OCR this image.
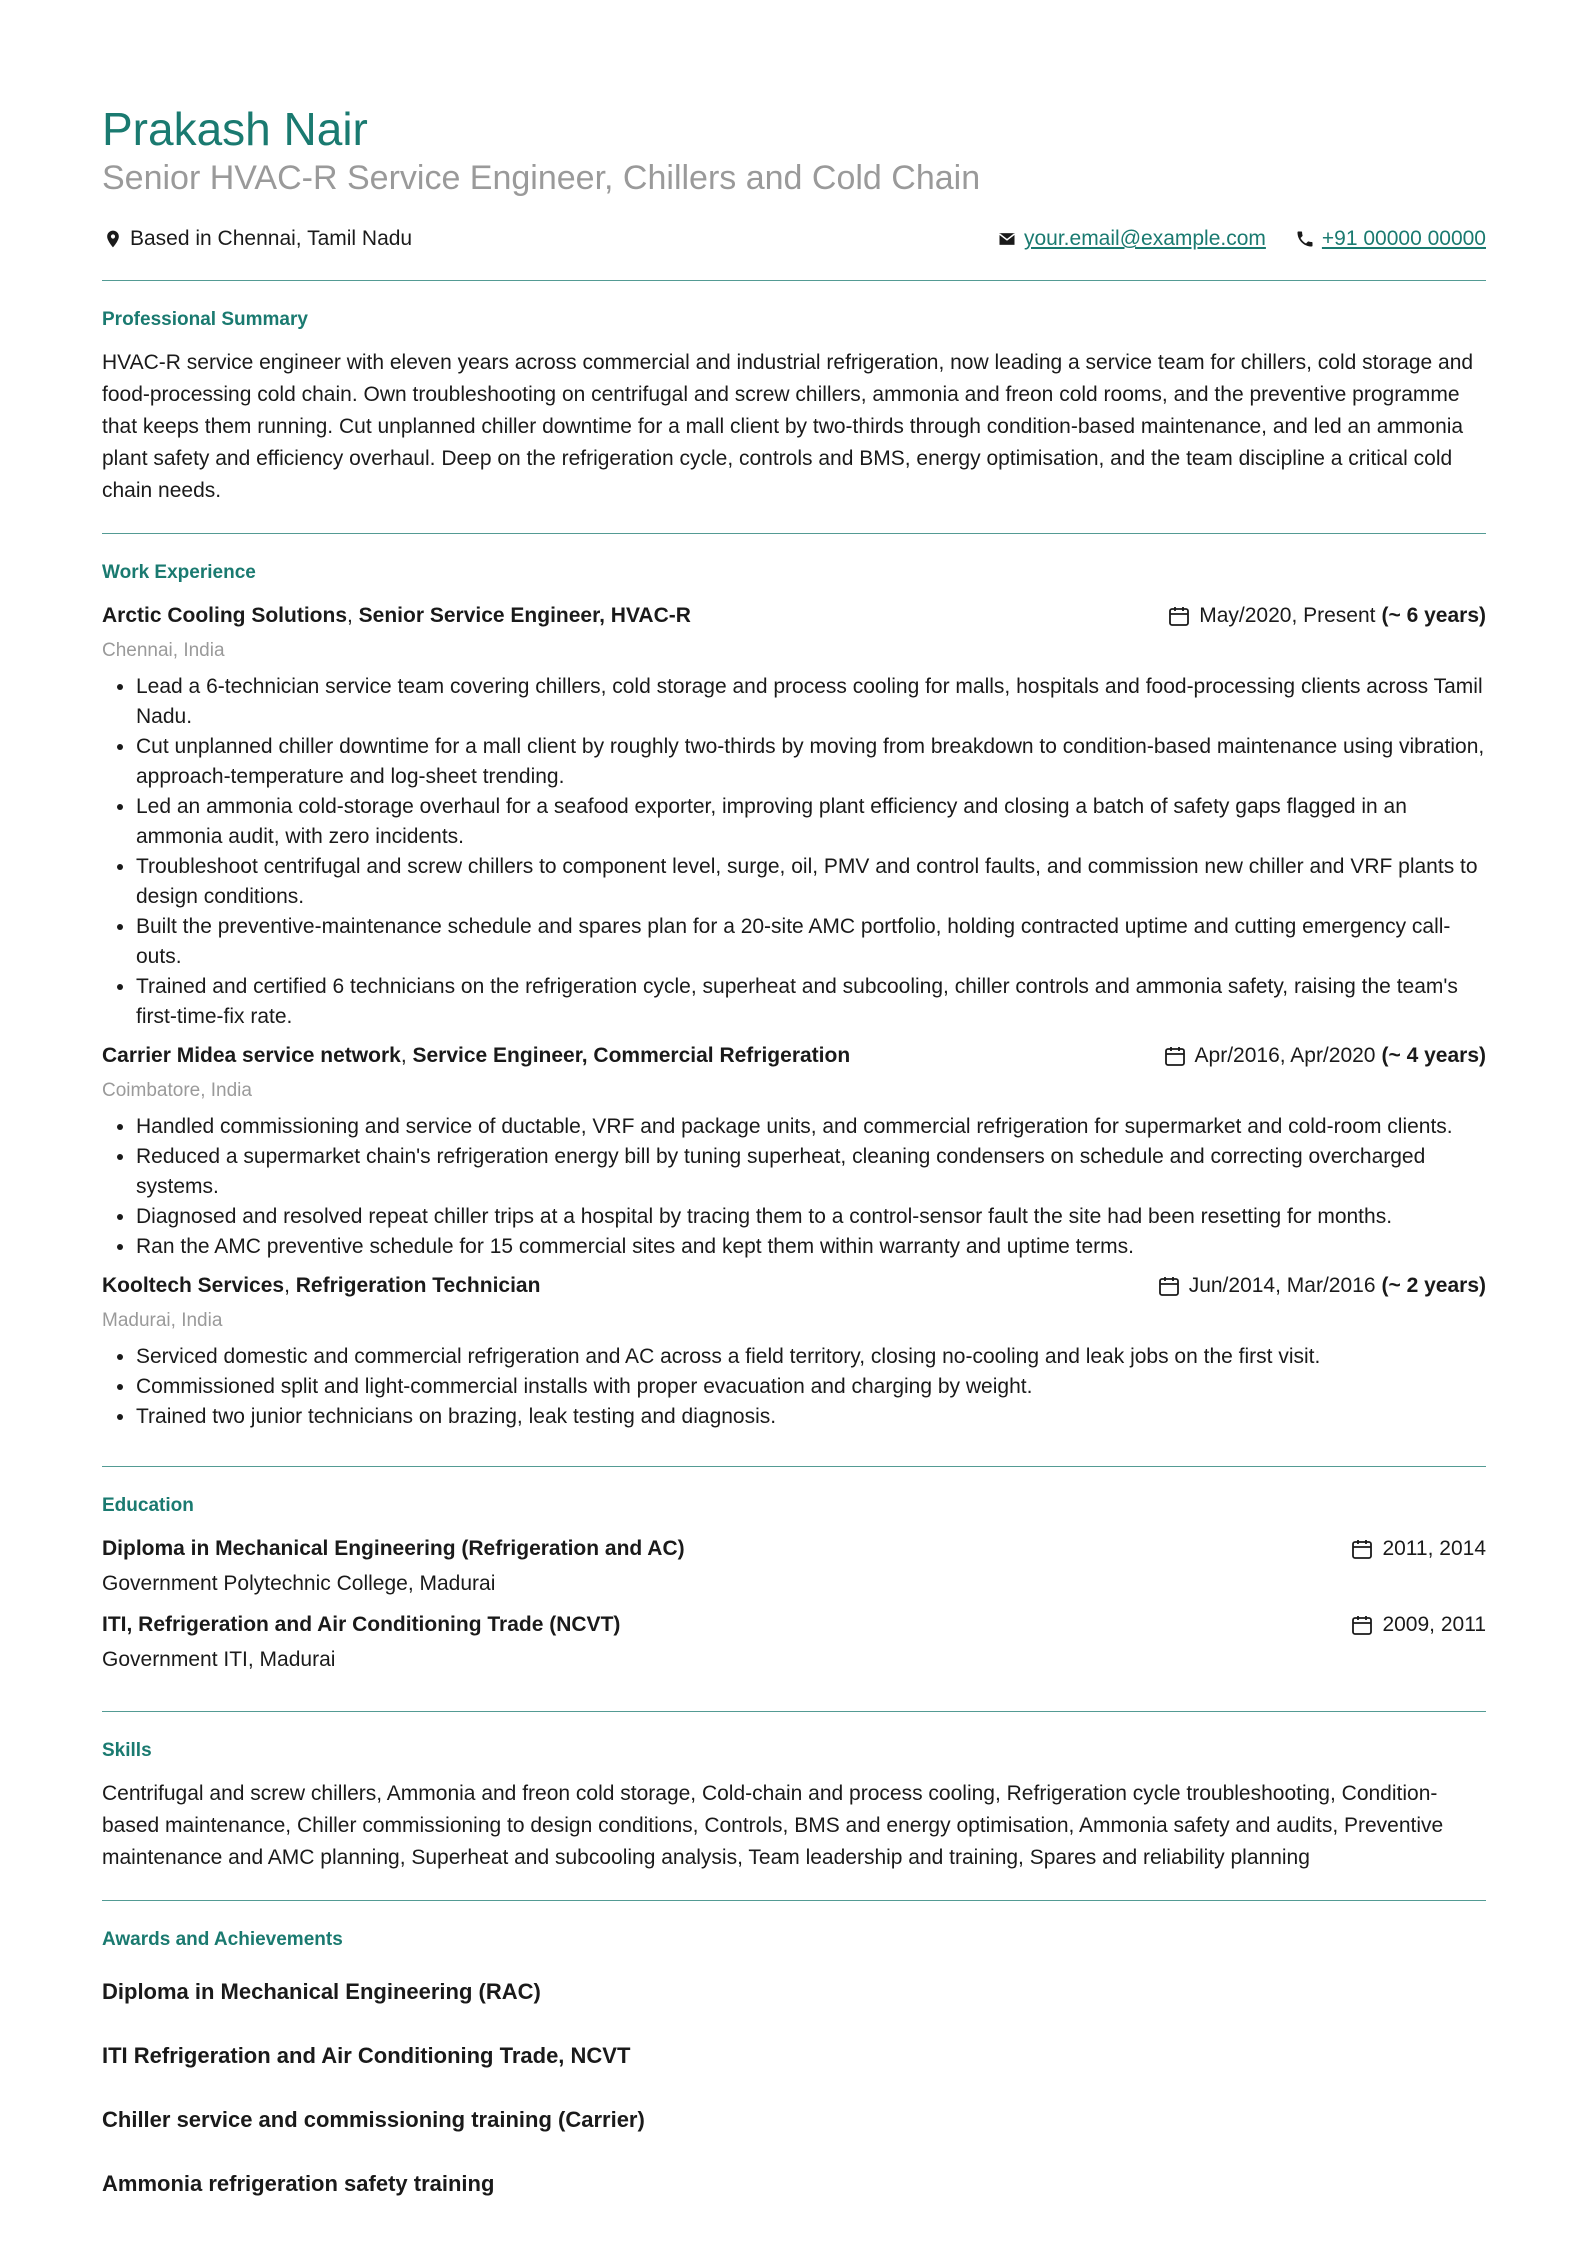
Prakash Nair
Senior HVAC-R Service Engineer, Chillers and Cold Chain
Based in Chennai, Tamil Nadu	your.email@example.com	+91 00000 00000
Professional Summary

HVAC-R service engineer with eleven years across commercial and industrial refrigeration, now leading a service team for chillers, cold storage and food-processing cold chain. Own troubleshooting on centrifugal and screw chillers, ammonia and freon cold rooms, and the preventive programme that keeps them running. Cut unplanned chiller downtime for a mall client by two-thirds through condition-based maintenance, and led an ammonia plant safety and efficiency overhaul. Deep on the refrigeration cycle, controls and BMS, energy optimisation, and the team discipline a critical cold chain needs.

Work Experience
Arctic Cooling Solutions, Senior Service Engineer, HVAC-R	May/2020, Present (~ 6 years)
Chennai, India
• Lead a 6-technician service team covering chillers, cold storage and process cooling for malls, hospitals and food-processing clients across Tamil Nadu.
• Cut unplanned chiller downtime for a mall client by roughly two-thirds by moving from breakdown to condition-based maintenance using vibration, approach-temperature and log-sheet trending.
• Led an ammonia cold-storage overhaul for a seafood exporter, improving plant efficiency and closing a batch of safety gaps flagged in an ammonia audit, with zero incidents.
• Troubleshoot centrifugal and screw chillers to component level, surge, oil, PMV and control faults, and commission new chiller and VRF plants to design conditions.
• Built the preventive-maintenance schedule and spares plan for a 20-site AMC portfolio, holding contracted uptime and cutting emergency call-outs.
• Trained and certified 6 technicians on the refrigeration cycle, superheat and subcooling, chiller controls and ammonia safety, raising the team's first-time-fix rate.
Carrier Midea service network, Service Engineer, Commercial Refrigeration	Apr/2016, Apr/2020 (~ 4 years)
Coimbatore, India
• Handled commissioning and service of ductable, VRF and package units, and commercial refrigeration for supermarket and cold-room clients.
• Reduced a supermarket chain's refrigeration energy bill by tuning superheat, cleaning condensers on schedule and correcting overcharged systems.
• Diagnosed and resolved repeat chiller trips at a hospital by tracing them to a control-sensor fault the site had been resetting for months.
• Ran the AMC preventive schedule for 15 commercial sites and kept them within warranty and uptime terms.
Kooltech Services, Refrigeration Technician	Jun/2014, Mar/2016 (~ 2 years)
Madurai, India
• Serviced domestic and commercial refrigeration and AC across a field territory, closing no-cooling and leak jobs on the first visit.
• Commissioned split and light-commercial installs with proper evacuation and charging by weight.
• Trained two junior technicians on brazing, leak testing and diagnosis.
Education
Diploma in Mechanical Engineering (Refrigeration and AC)	2011, 2014
Government Polytechnic College, Madurai
ITI, Refrigeration and Air Conditioning Trade (NCVT)	2009, 2011
Government ITI, Madurai
Skills

Centrifugal and screw chillers, Ammonia and freon cold storage, Cold-chain and process cooling, Refrigeration cycle troubleshooting, Condition-based maintenance, Chiller commissioning to design conditions, Controls, BMS and energy optimisation, Ammonia safety and audits, Preventive maintenance and AMC planning, Superheat and subcooling analysis, Team leadership and training, Spares and reliability planning

Awards and Achievements
Diploma in Mechanical Engineering (RAC)
ITI Refrigeration and Air Conditioning Trade, NCVT
Chiller service and commissioning training (Carrier)
Ammonia refrigeration safety training
